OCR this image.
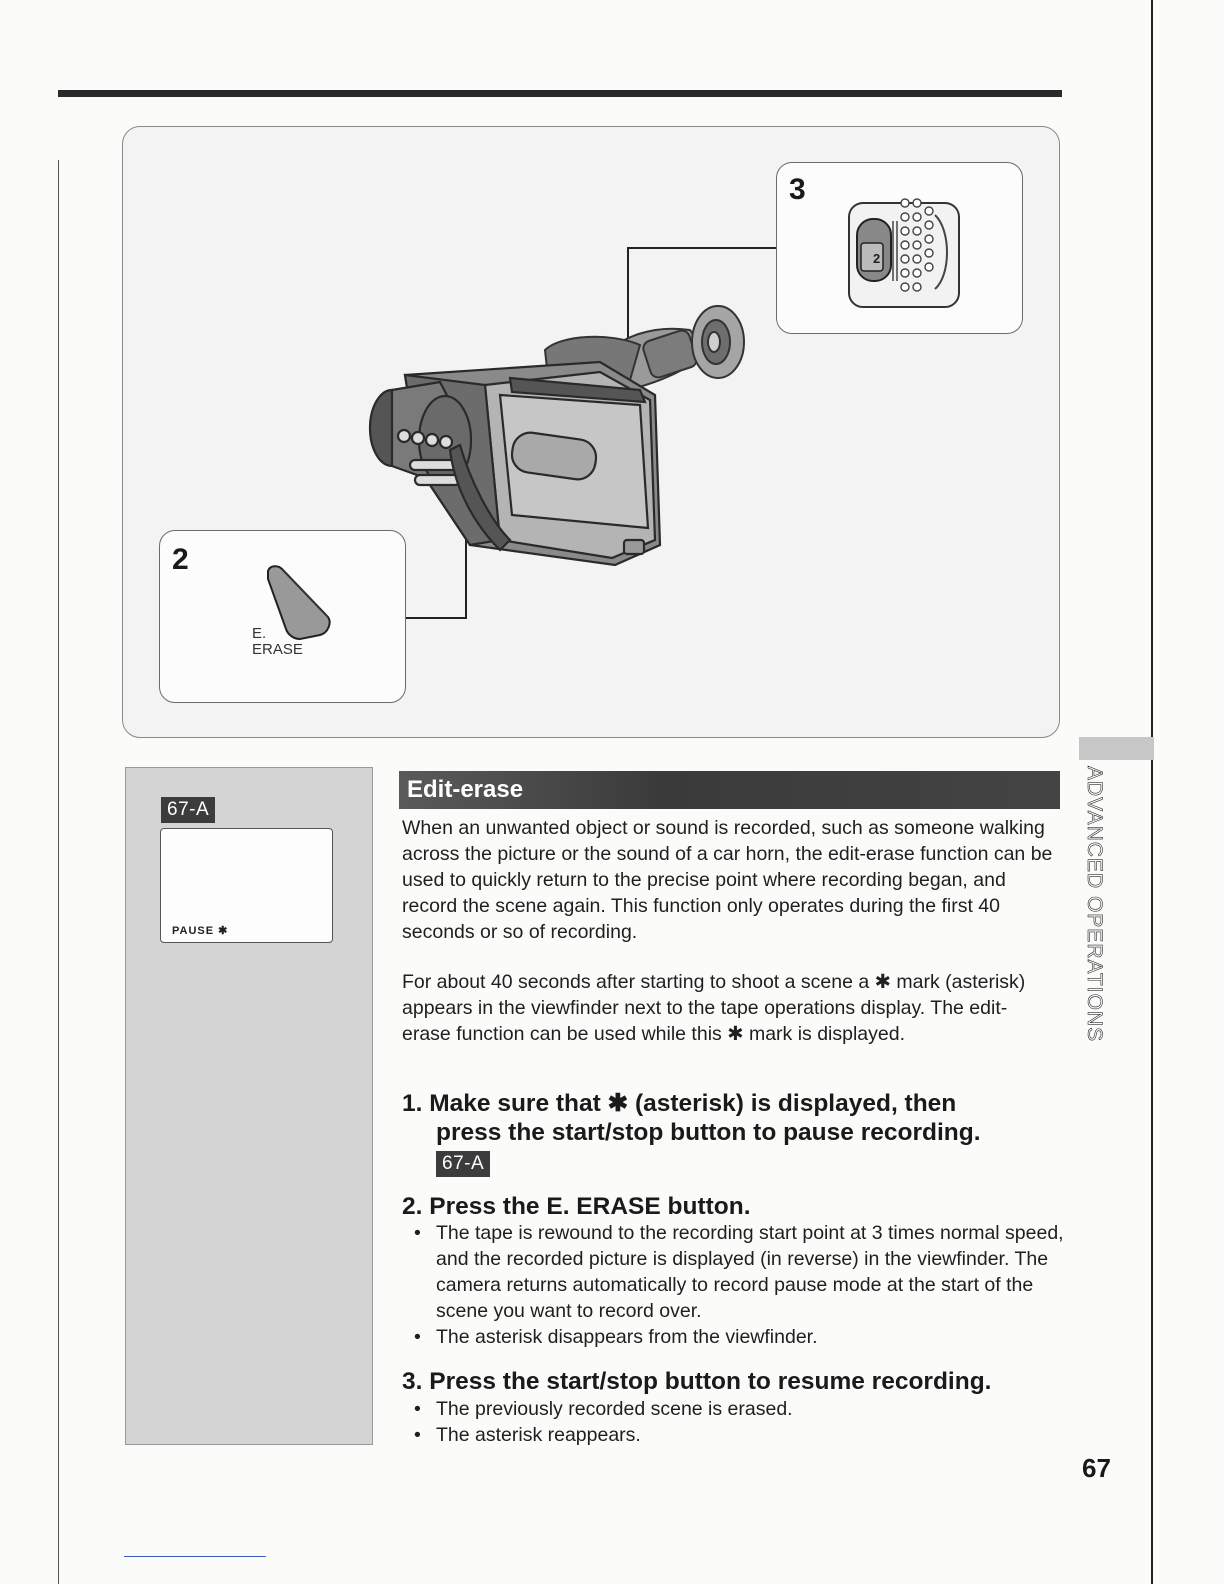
3
2
2
E.
ERASE
67-A
PAUSE ✱
Edit-erase

When an unwanted object or sound is recorded, such as someone walking across the picture or the sound of a car horn, the edit-erase function can be used to quickly return to the precise point where recording began, and record the scene again. This function only operates during the first 40 seconds or so of recording.

For about 40 seconds after starting to shoot a scene a ✱ mark (asterisk) appears in the viewfinder next to the tape operations display. The edit-erase function can be used while this ✱ mark is displayed.

1. Make sure that ✱ (asterisk) is displayed, then
press the start/stop button to pause recording.
67-A
2. Press the E. ERASE button.
• The tape is rewound to the recording start point at 3 times normal speed, and the recorded picture is displayed (in reverse) in the viewfinder. The camera returns automatically to record pause mode at the start of the scene you want to record over.
• The asterisk disappears from the viewfinder.
3. Press the start/stop button to resume recording.
• The previously recorded scene is erased.
• The asterisk reappears.
ADVANCED OPERATIONS
67
